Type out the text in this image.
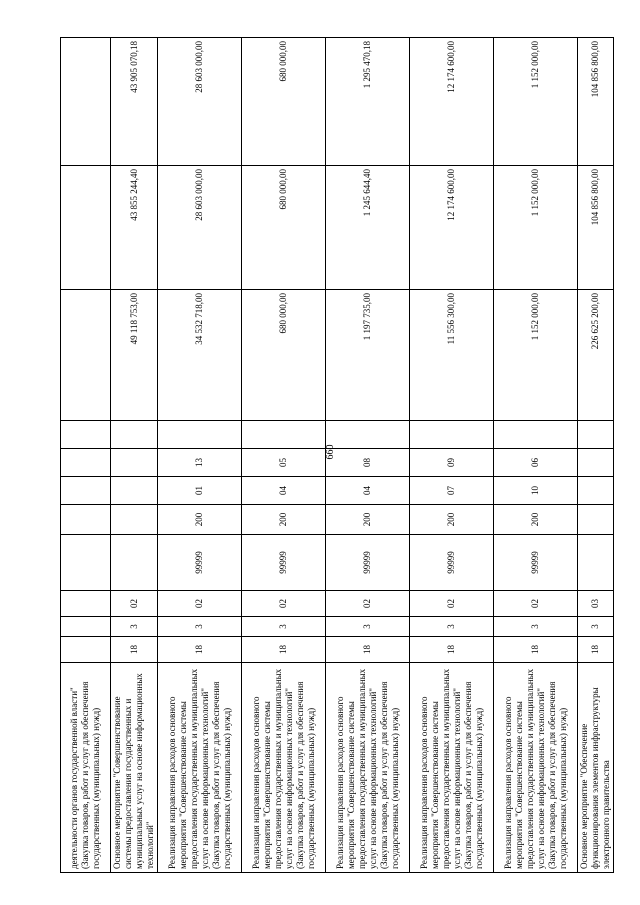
660
деятельности органов государственной власти" (Закупка товаров, работ и услуг для обеспечения государственных (муниципальных) нужд)											
Основное мероприятие "Совершенствование системы предоставления государственных и муниципальных услуг на основе информационных технологий"	18	3	02						49 118 753,00	43 855 244,40	43 905 070,18
Реализация направления расходов основного мероприятия "Совершенствование системы предоставления государственных и муниципальных услуг на основе информационных технологий" (Закупка товаров, работ и услуг для обеспечения государственных (муниципальных) нужд)	18	3	02	99999	200	01	13		34 532 718,00	28 603 000,00	28 603 000,00
Реализация направления расходов основного мероприятия "Совершенствование системы предоставления государственных и муниципальных услуг на основе информационных технологий" (Закупка товаров, работ и услуг для обеспечения государственных (муниципальных) нужд)	18	3	02	99999	200	04	05		680 000,00	680 000,00	680 000,00
Реализация направления расходов основного мероприятия "Совершенствование системы предоставления государственных и муниципальных услуг на основе информационных технологий" (Закупка товаров, работ и услуг для обеспечения государственных (муниципальных) нужд)	18	3	02	99999	200	04	08		1 197 735,00	1 245 644,40	1 295 470,18
Реализация направления расходов основного мероприятия "Совершенствование системы предоставления государственных и муниципальных услуг на основе информационных технологий" (Закупка товаров, работ и услуг для обеспечения государственных (муниципальных) нужд)	18	3	02	99999	200	07	09		11 556 300,00	12 174 600,00	12 174 600,00
Реализация направления расходов основного мероприятия "Совершенствование системы предоставления государственных и муниципальных услуг на основе информационных технологий" (Закупка товаров, работ и услуг для обеспечения государственных (муниципальных) нужд)	18	3	02	99999	200	10	06		1 152 000,00	1 152 000,00	1 152 000,00
Основное мероприятие "Обеспечение функционирования элементов инфраструктуры электронного правительства	18	3	03						226 625 200,00	104 856 800,00	104 856 800,00
